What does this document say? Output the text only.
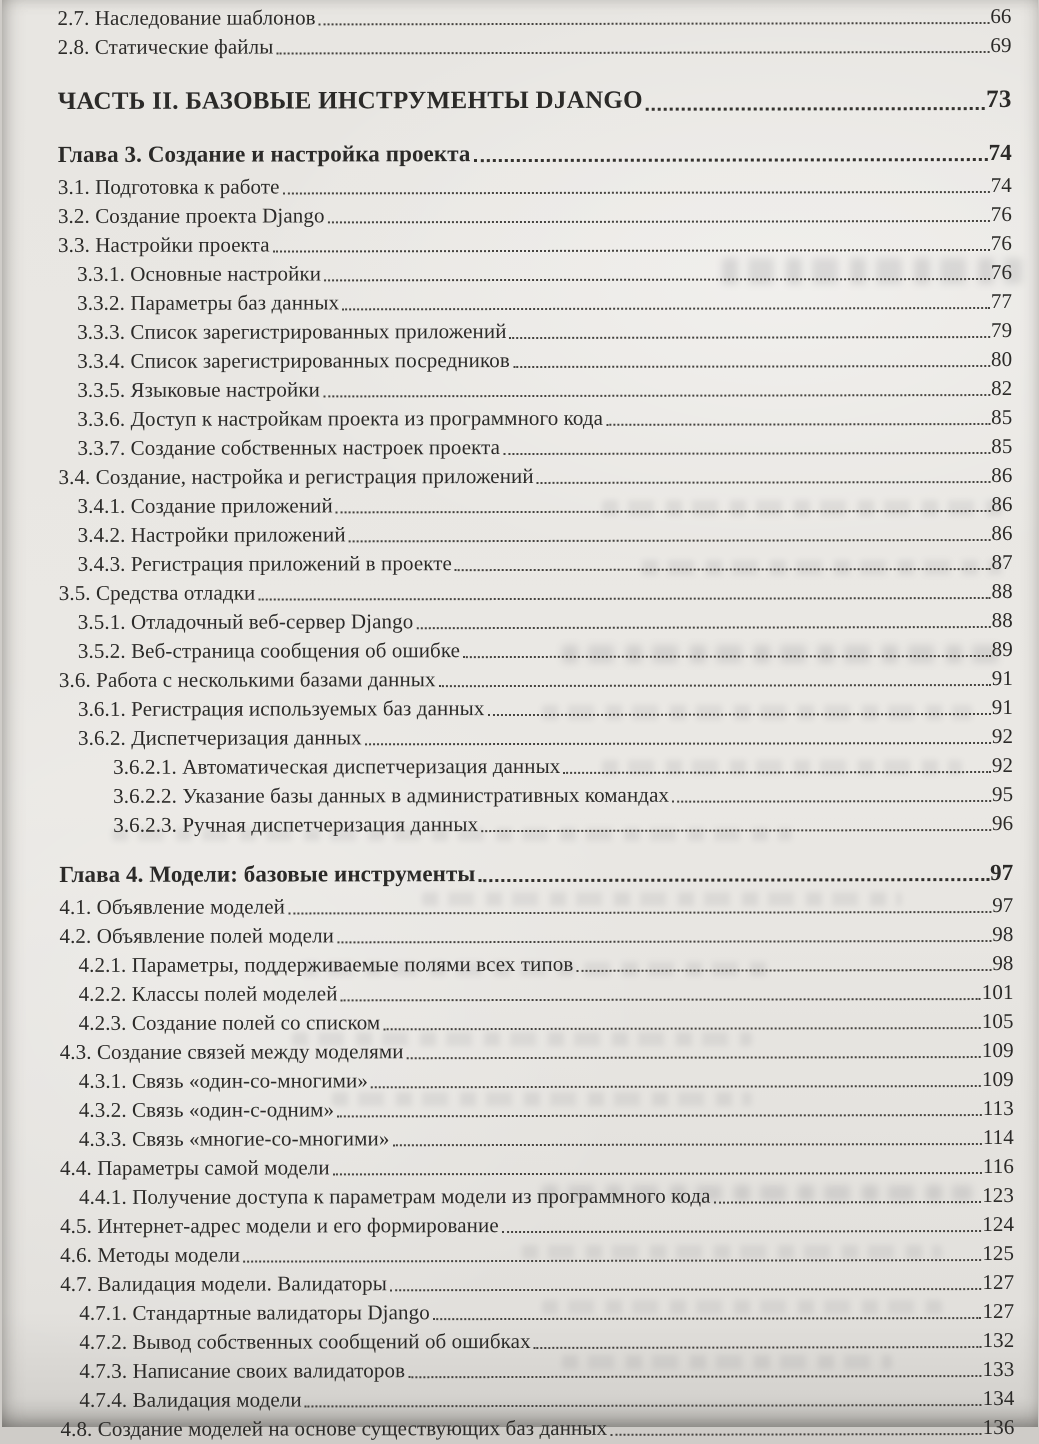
2.7. Наследование шаблонов	66
2.8. Статические файлы	69
ЧАСТЬ II. БАЗОВЫЕ ИНСТРУМЕНТЫ DJANGO	73
Глава 3. Создание и настройка проекта	74
3.1. Подготовка к работе	74
3.2. Создание проекта Django	76
3.3. Настройки проекта	76
3.3.1. Основные настройки	76
3.3.2. Параметры баз данных	77
3.3.3. Список зарегистрированных приложений	79
3.3.4. Список зарегистрированных посредников	80
3.3.5. Языковые настройки	82
3.3.6. Доступ к настройкам проекта из программного кода	85
3.3.7. Создание собственных настроек проекта	85
3.4. Создание, настройка и регистрация приложений	86
3.4.1. Создание приложений	86
3.4.2. Настройки приложений	86
3.4.3. Регистрация приложений в проекте	87
3.5. Средства отладки	88
3.5.1. Отладочный веб-сервер Django	88
3.5.2. Веб-страница сообщения об ошибке	89
3.6. Работа с несколькими базами данных	91
3.6.1. Регистрация используемых баз данных	91
3.6.2. Диспетчеризация данных	92
3.6.2.1. Автоматическая диспетчеризация данных	92
3.6.2.2. Указание базы данных в административных командах	95
3.6.2.3. Ручная диспетчеризация данных	96
Глава 4. Модели: базовые инструменты	97
4.1. Объявление моделей	97
4.2. Объявление полей модели	98
4.2.1. Параметры, поддерживаемые полями всех типов	98
4.2.2. Классы полей моделей	101
4.2.3. Создание полей со списком	105
4.3. Создание связей между моделями	109
4.3.1. Связь «один-со-многими»	109
4.3.2. Связь «один-с-одним»	113
4.3.3. Связь «многие-со-многими»	114
4.4. Параметры самой модели	116
4.4.1. Получение доступа к параметрам модели из программного кода	123
4.5. Интернет-адрес модели и его формирование	124
4.6. Методы модели	125
4.7. Валидация модели. Валидаторы	127
4.7.1. Стандартные валидаторы Django	127
4.7.2. Вывод собственных сообщений об ошибках	132
4.7.3. Написание своих валидаторов	133
4.7.4. Валидация модели	134
4.8. Создание моделей на основе существующих баз данных	136
